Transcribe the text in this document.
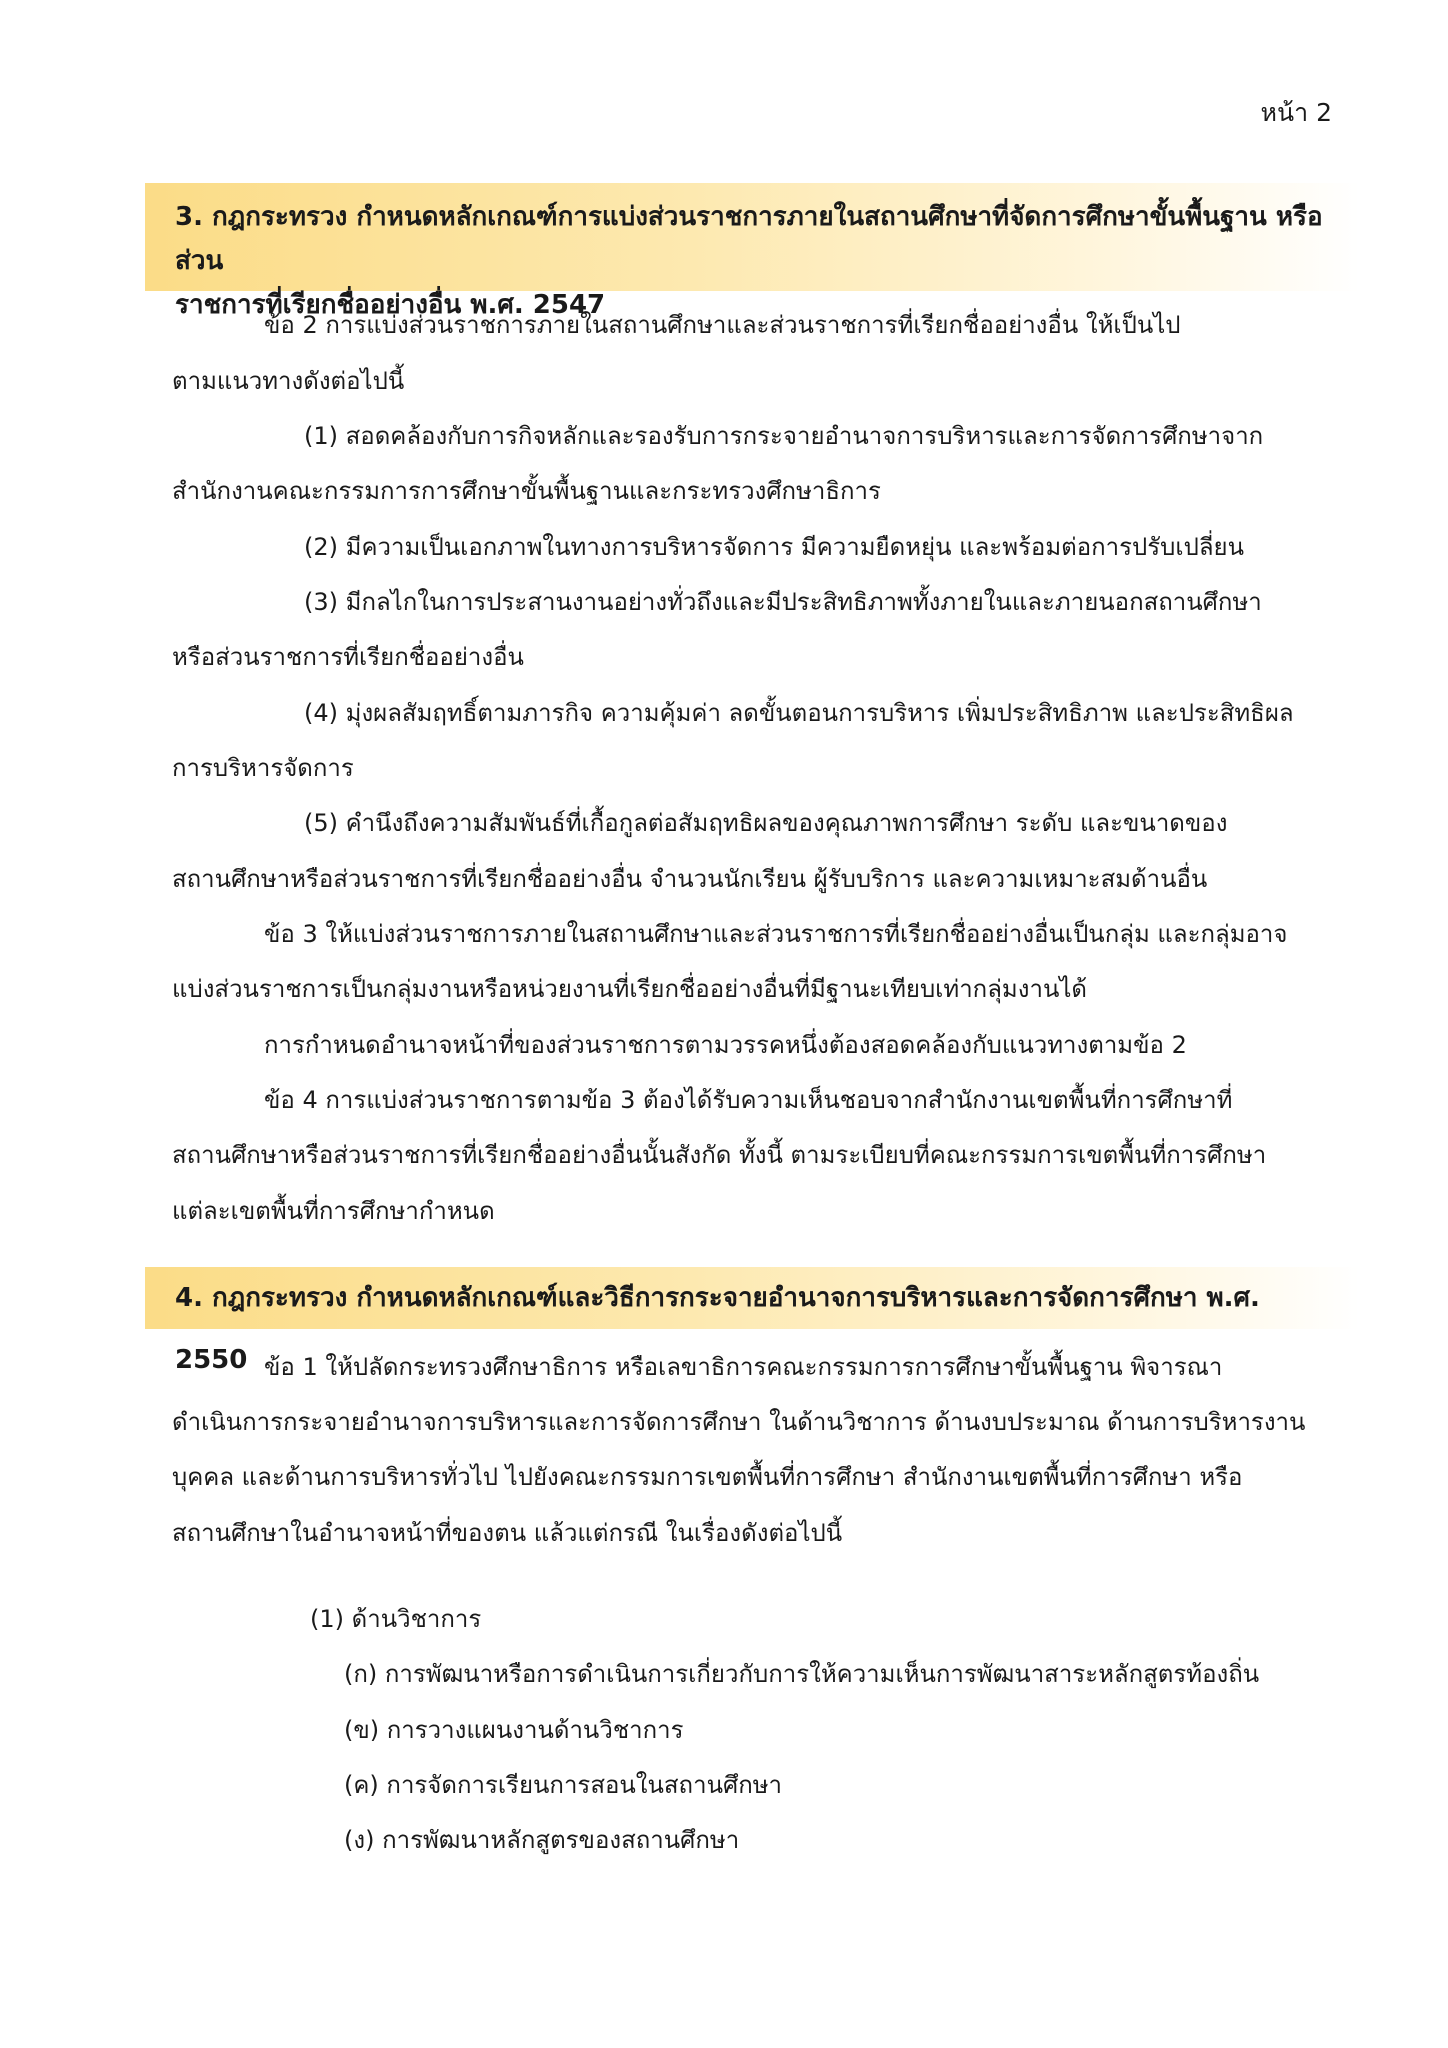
หน้า 2
3. กฎกระทรวง กำหนดหลักเกณฑ์การแบ่งส่วนราชการภายในสถานศึกษาที่จัดการศึกษาขั้นพื้นฐาน หรือส่วน
ราชการที่เรียกชื่ออย่างอื่น พ.ศ. 2547
ข้อ 2 การแบ่งส่วนราชการภายในสถานศึกษาและส่วนราชการที่เรียกชื่ออย่างอื่น ให้เป็นไป
ตามแนวทางดังต่อไปนี้
(1) สอดคล้องกับการกิจหลักและรองรับการกระจายอำนาจการบริหารและการจัดการศึกษาจาก
สำนักงานคณะกรรมการการศึกษาขั้นพื้นฐานและกระทรวงศึกษาธิการ
(2) มีความเป็นเอกภาพในทางการบริหารจัดการ มีความยืดหยุ่น และพร้อมต่อการปรับเปลี่ยน
(3) มีกลไกในการประสานงานอย่างทั่วถึงและมีประสิทธิภาพทั้งภายในและภายนอกสถานศึกษา
หรือส่วนราชการที่เรียกชื่ออย่างอื่น
(4) มุ่งผลสัมฤทธิ์ตามภารกิจ ความคุ้มค่า ลดขั้นตอนการบริหาร เพิ่มประสิทธิภาพ และประสิทธิผล
การบริหารจัดการ
(5) คำนึงถึงความสัมพันธ์ที่เกื้อกูลต่อสัมฤทธิผลของคุณภาพการศึกษา ระดับ และขนาดของ
สถานศึกษาหรือส่วนราชการที่เรียกชื่ออย่างอื่น จำนวนนักเรียน ผู้รับบริการ และความเหมาะสมด้านอื่น
ข้อ 3 ให้แบ่งส่วนราชการภายในสถานศึกษาและส่วนราชการที่เรียกชื่ออย่างอื่นเป็นกลุ่ม และกลุ่มอาจ
แบ่งส่วนราชการเป็นกลุ่มงานหรือหน่วยงานที่เรียกชื่ออย่างอื่นที่มีฐานะเทียบเท่ากลุ่มงานได้
การกำหนดอำนาจหน้าที่ของส่วนราชการตามวรรคหนึ่งต้องสอดคล้องกับแนวทางตามข้อ 2
ข้อ 4 การแบ่งส่วนราชการตามข้อ 3 ต้องได้รับความเห็นชอบจากสำนักงานเขตพื้นที่การศึกษาที่
สถานศึกษาหรือส่วนราชการที่เรียกชื่ออย่างอื่นนั้นสังกัด ทั้งนี้ ตามระเบียบที่คณะกรรมการเขตพื้นที่การศึกษา
แต่ละเขตพื้นที่การศึกษากำหนด
4. กฎกระทรวง กำหนดหลักเกณฑ์และวิธีการกระจายอำนาจการบริหารและการจัดการศึกษา พ.ศ. 2550 ข้อ 1 ให้ปลัดกระทรวงศึกษาธิการ หรือเลขาธิการคณะกรรมการการศึกษาขั้นพื้นฐาน พิจารณา
ดำเนินการกระจายอำนาจการบริหารและการจัดการศึกษา ในด้านวิชาการ ด้านงบประมาณ ด้านการบริหารงาน
บุคคล และด้านการบริหารทั่วไป ไปยังคณะกรรมการเขตพื้นที่การศึกษา สำนักงานเขตพื้นที่การศึกษา หรือ
สถานศึกษาในอำนาจหน้าที่ของตน แล้วแต่กรณี ในเรื่องดังต่อไปนี้
(1) ด้านวิชาการ
(ก) การพัฒนาหรือการดำเนินการเกี่ยวกับการให้ความเห็นการพัฒนาสาระหลักสูตรท้องถิ่น
(ข) การวางแผนงานด้านวิชาการ
(ค) การจัดการเรียนการสอนในสถานศึกษา
(ง) การพัฒนาหลักสูตรของสถานศึกษา
